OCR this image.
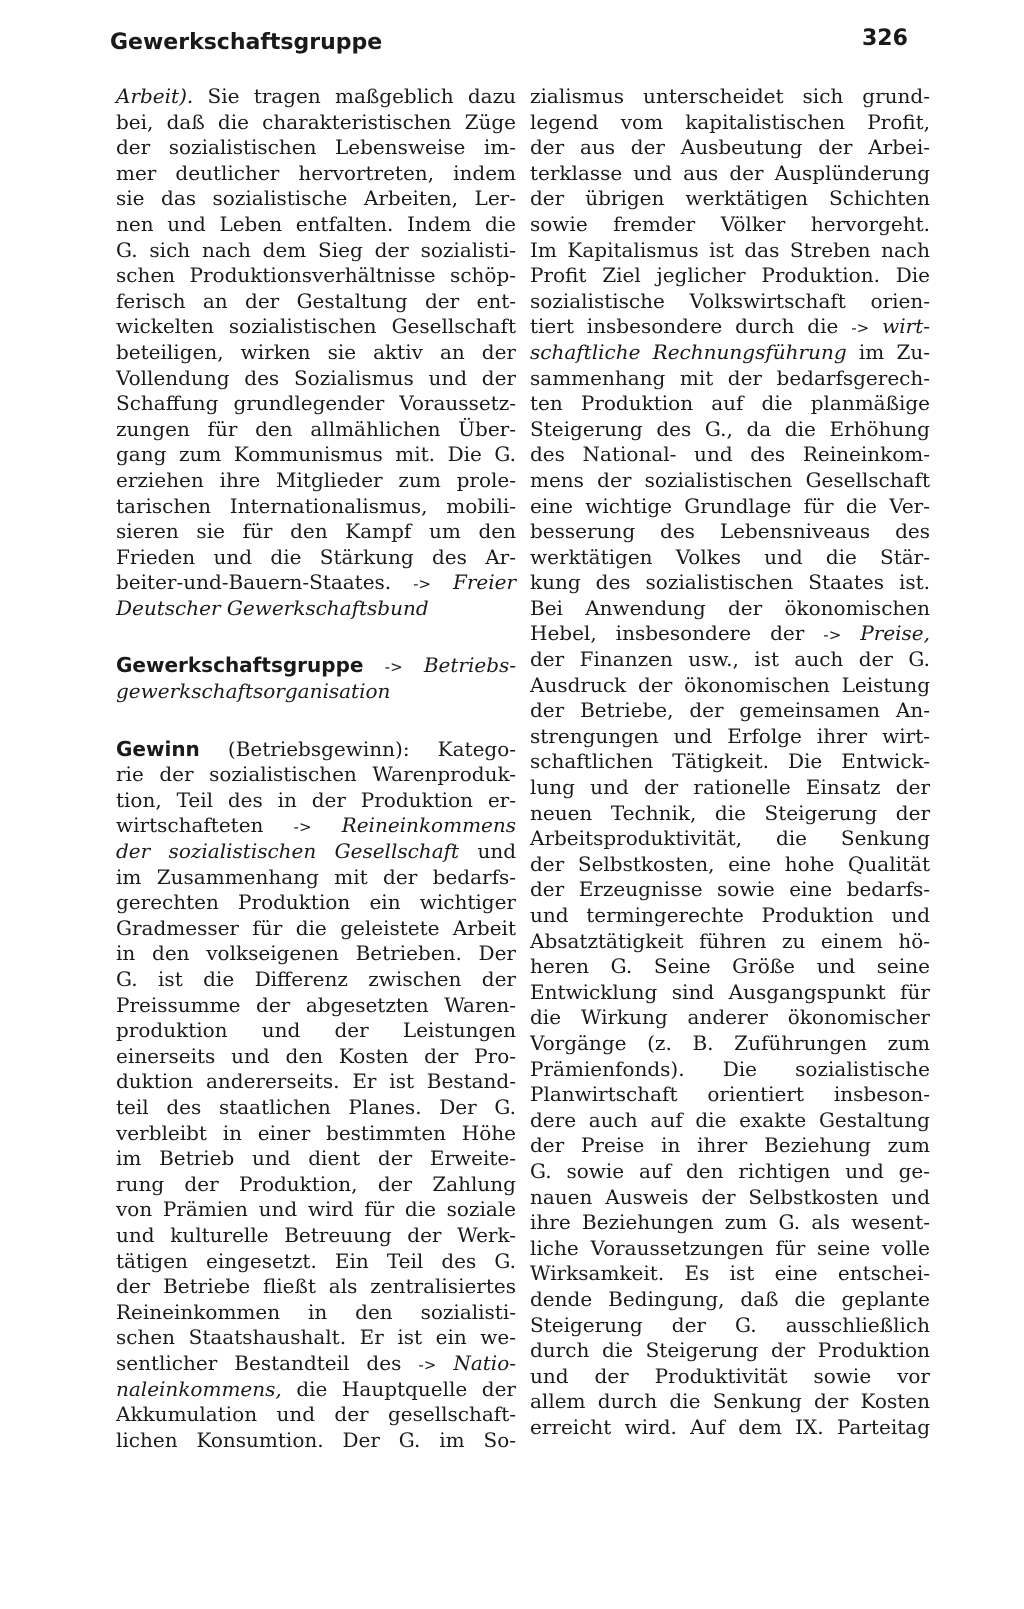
Gewerkschaftsgruppe	326
Arbeit). Sie tragen maßgeblich dazu
bei, daß die charakteristischen Züge
der sozialistischen Lebensweise im-
mer deutlicher hervortreten, indem
sie das sozialistische Arbeiten, Ler-
nen und Leben entfalten. Indem die
G. sich nach dem Sieg der sozialisti-
schen Produktionsverhältnisse schöp-
ferisch an der Gestaltung der ent-
wickelten sozialistischen Gesellschaft
beteiligen, wirken sie aktiv an der
Vollendung des Sozialismus und der
Schaffung grundlegender Voraussetz-
zungen für den allmählichen Über-
gang zum Kommunismus mit. Die G.
erziehen ihre Mitglieder zum prole-
tarischen Internationalismus, mobili-
sieren sie für den Kampf um den
Frieden und die Stärkung des Ar-
beiter-und-Bauern-Staates. -> Freier
Deutscher Gewerkschaftsbund
Gewerkschaftsgruppe -> Betriebs-
gewerkschaftsorganisation
Gewinn (Betriebsgewinn): Katego-
rie der sozialistischen Warenproduk-
tion, Teil des in der Produktion er-
wirtschafteten -> Reineinkommens
der sozialistischen Gesellschaft und
im Zusammenhang mit der bedarfs-
gerechten Produktion ein wichtiger
Gradmesser für die geleistete Arbeit
in den volkseigenen Betrieben. Der
G. ist die Differenz zwischen der
Preissumme der abgesetzten Waren-
produktion und der Leistungen
einerseits und den Kosten der Pro-
duktion andererseits. Er ist Bestand-
teil des staatlichen Planes. Der G.
verbleibt in einer bestimmten Höhe
im Betrieb und dient der Erweite-
rung der Produktion, der Zahlung
von Prämien und wird für die soziale
und kulturelle Betreuung der Werk-
tätigen eingesetzt. Ein Teil des G.
der Betriebe fließt als zentralisiertes
Reineinkommen in den sozialisti-
schen Staatshaushalt. Er ist ein we-
sentlicher Bestandteil des -> Natio-
naleinkommens, die Hauptquelle der
Akkumulation und der gesellschaft-
lichen Konsumtion. Der G. im So-
zialismus unterscheidet sich grund-
legend vom kapitalistischen Profit,
der aus der Ausbeutung der Arbei-
terklasse und aus der Ausplünderung
der übrigen werktätigen Schichten
sowie fremder Völker hervorgeht.
Im Kapitalismus ist das Streben nach
Profit Ziel jeglicher Produktion. Die
sozialistische Volkswirtschaft orien-
tiert insbesondere durch die -> wirt-
schaftliche Rechnungsführung im Zu-
sammenhang mit der bedarfsgerech-
ten Produktion auf die planmäßige
Steigerung des G., da die Erhöhung
des National- und des Reineinkom-
mens der sozialistischen Gesellschaft
eine wichtige Grundlage für die Ver-
besserung des Lebensniveaus des
werktätigen Volkes und die Stär-
kung des sozialistischen Staates ist.
Bei Anwendung der ökonomischen
Hebel, insbesondere der -> Preise,
der Finanzen usw., ist auch der G.
Ausdruck der ökonomischen Leistung
der Betriebe, der gemeinsamen An-
strengungen und Erfolge ihrer wirt-
schaftlichen Tätigkeit. Die Entwick-
lung und der rationelle Einsatz der
neuen Technik, die Steigerung der
Arbeitsproduktivität, die Senkung
der Selbstkosten, eine hohe Qualität
der Erzeugnisse sowie eine bedarfs-
und termingerechte Produktion und
Absatztätigkeit führen zu einem hö-
heren G. Seine Größe und seine
Entwicklung sind Ausgangspunkt für
die Wirkung anderer ökonomischer
Vorgänge (z. B. Zuführungen zum
Prämienfonds). Die sozialistische
Planwirtschaft orientiert insbeson-
dere auch auf die exakte Gestaltung
der Preise in ihrer Beziehung zum
G. sowie auf den richtigen und ge-
nauen Ausweis der Selbstkosten und
ihre Beziehungen zum G. als wesent-
liche Voraussetzungen für seine volle
Wirksamkeit. Es ist eine entschei-
dende Bedingung, daß die geplante
Steigerung der G. ausschließlich
durch die Steigerung der Produktion
und der Produktivität sowie vor
allem durch die Senkung der Kosten
erreicht wird. Auf dem IX. Parteitag
